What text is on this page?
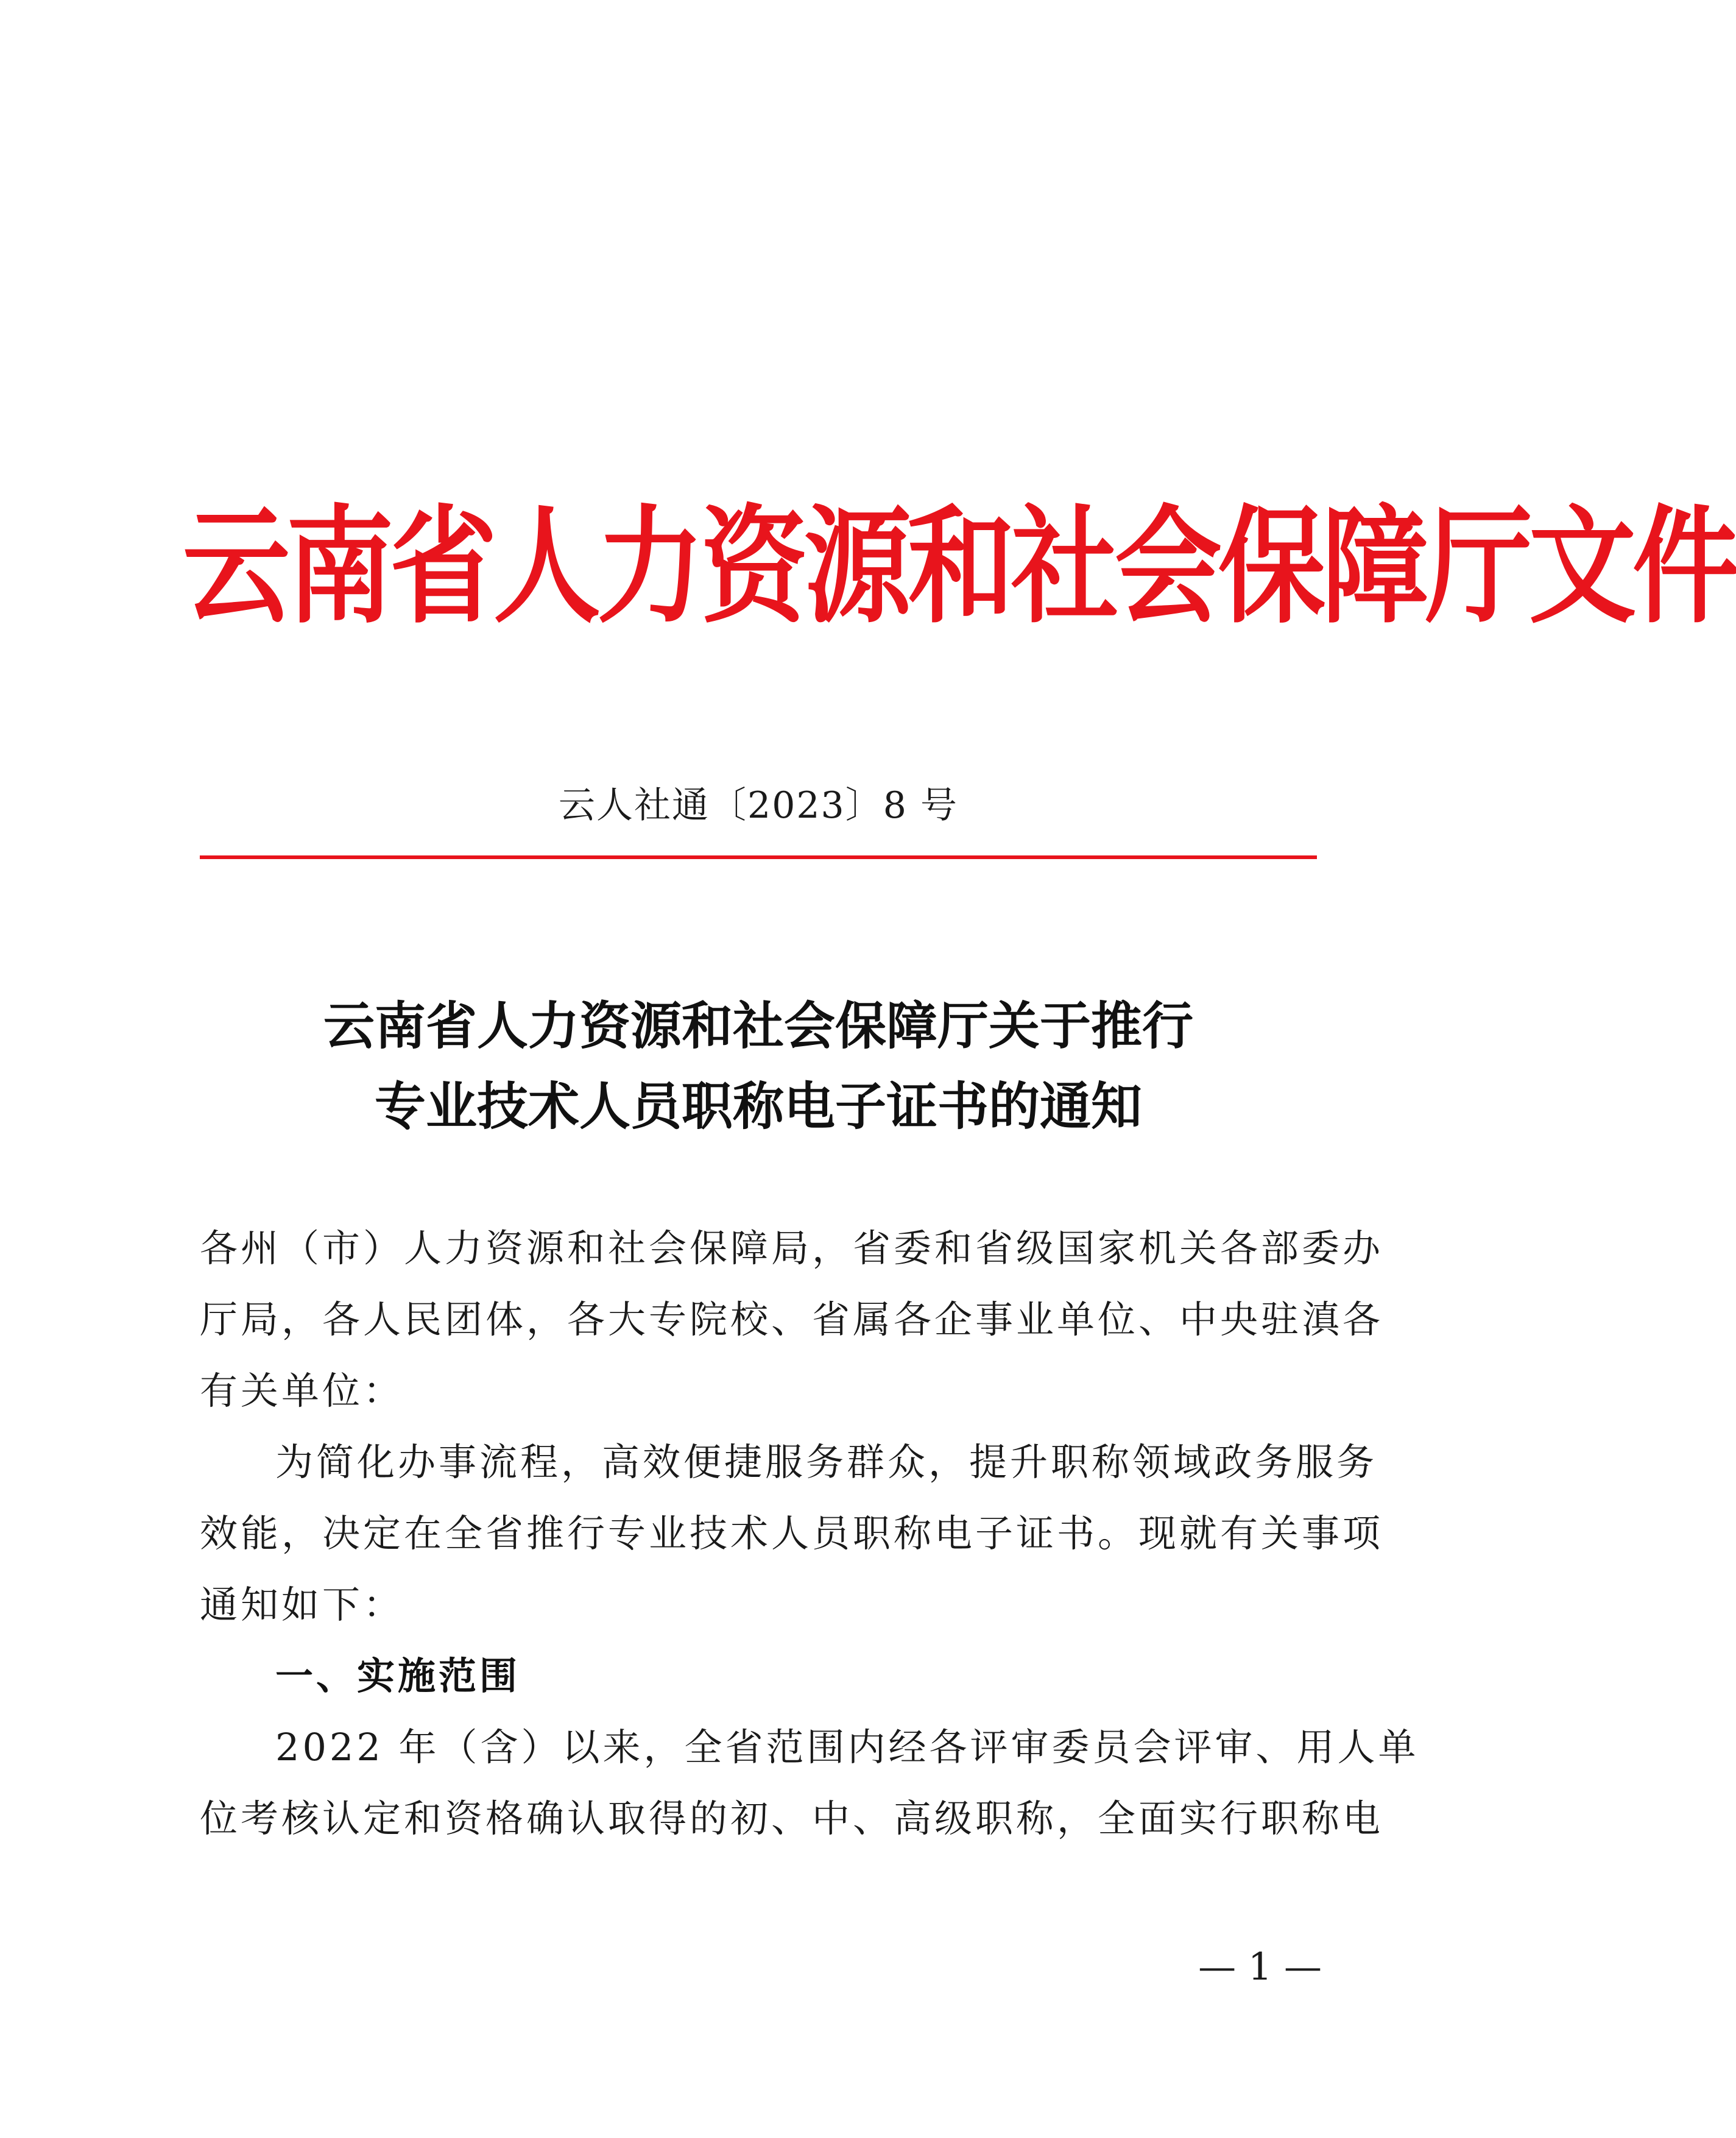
云南省人力资源和社会保障厅文件
云人社通〔2023〕8 号
云南省人力资源和社会保障厅关于推行
专业技术人员职称电子证书的通知
各州（市）人力资源和社会保障局，省委和省级国家机关各部委办
厅局，各人民团体，各大专院校、省属各企事业单位、中央驻滇各
有关单位：
为简化办事流程，高效便捷服务群众，提升职称领域政务服务
效能，决定在全省推行专业技术人员职称电子证书。现就有关事项
通知如下：
一、实施范围
2022 年（含）以来，全省范围内经各评审委员会评审、用人单
位考核认定和资格确认取得的初、中、高级职称，全面实行职称电
— 1 —
